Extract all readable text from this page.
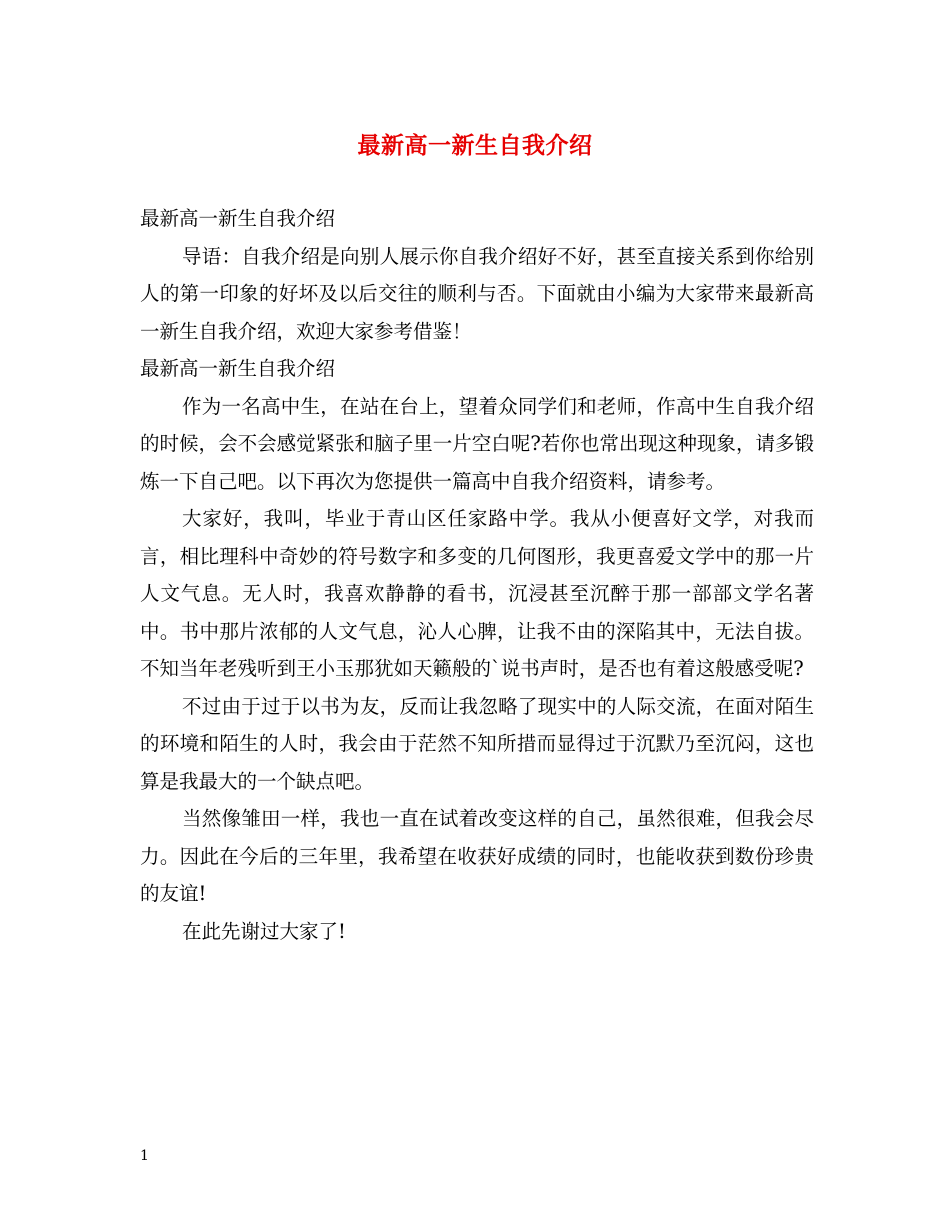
最新高一新生自我介绍

最新高一新生自我介绍

导语：自我介绍是向别人展示你自我介绍好不好，甚至直接关系到你给别人的第一印象的好坏及以后交往的顺利与否。下面就由小编为大家带来最新高一新生自我介绍，欢迎大家参考借鉴！

最新高一新生自我介绍

作为一名高中生，在站在台上，望着众同学们和老师，作高中生自我介绍的时候，会不会感觉紧张和脑子里一片空白呢?若你也常出现这种现象，请多锻炼一下自己吧。以下再次为您提供一篇高中自我介绍资料，请参考。

大家好，我叫，毕业于青山区任家路中学。我从小便喜好文学，对我而言，相比理科中奇妙的符号数字和多变的几何图形，我更喜爱文学中的那一片人文气息。无人时，我喜欢静静的看书，沉浸甚至沉醉于那一部部文学名著中。书中那片浓郁的人文气息，沁人心脾，让我不由的深陷其中，无法自拔。不知当年老残听到王小玉那犹如天籁般的`说书声时，是否也有着这般感受呢?

不过由于过于以书为友，反而让我忽略了现实中的人际交流，在面对陌生的环境和陌生的人时，我会由于茫然不知所措而显得过于沉默乃至沉闷，这也算是我最大的一个缺点吧。

当然像雏田一样，我也一直在试着改变这样的自己，虽然很难，但我会尽力。因此在今后的三年里，我希望在收获好成绩的同时，也能收获到数份珍贵的友谊!

在此先谢过大家了!

1
